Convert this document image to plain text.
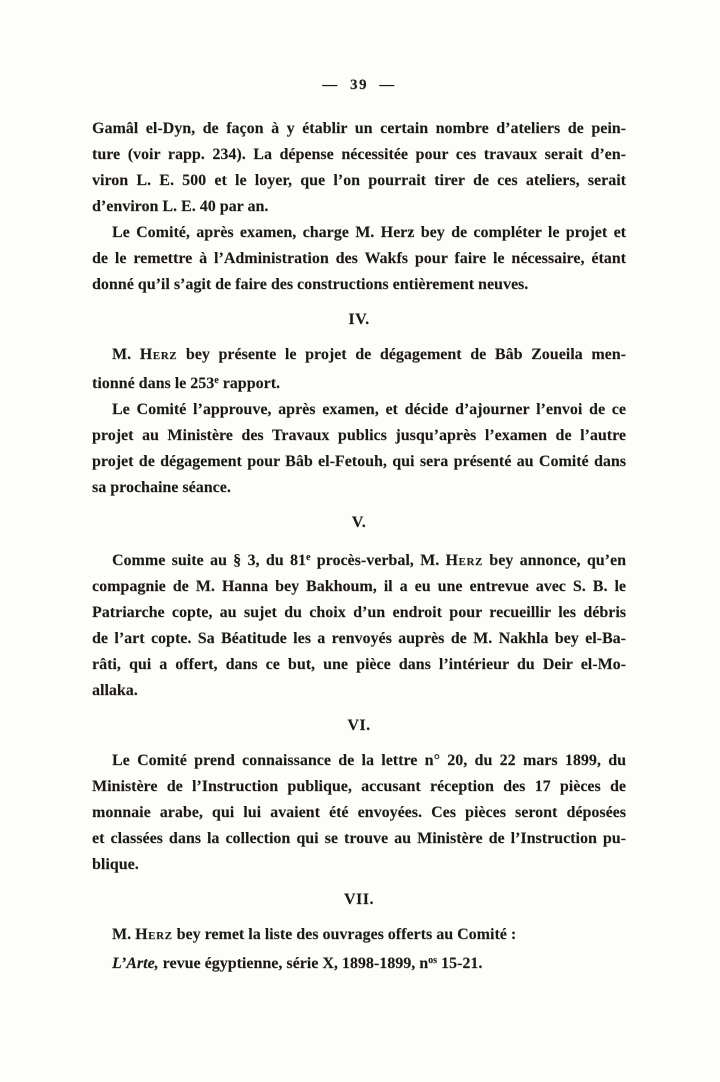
— 39 —
Gamâl el-Dyn, de façon à y établir un certain nombre d’ateliers de pein-
ture (voir rapp. 234). La dépense nécessitée pour ces travaux serait d’en-
viron L. E. 500 et le loyer, que l’on pourrait tirer de ces ateliers, serait
d’environ L. E. 40 par an.
Le Comité, après examen, charge M. Herz bey de compléter le projet et
de le remettre à l’Administration des Wakfs pour faire le nécessaire, étant
donné qu’il s’agit de faire des constructions entièrement neuves.
IV.
M. Herz bey présente le projet de dégagement de Bâb Zoueila men-
tionné dans le 253e rapport.
Le Comité l’approuve, après examen, et décide d’ajourner l’envoi de ce
projet au Ministère des Travaux publics jusqu’après l’examen de l’autre
projet de dégagement pour Bâb el-Fetouh, qui sera présenté au Comité dans
sa prochaine séance.
V.
Comme suite au § 3, du 81e procès-verbal, M. Herz bey annonce, qu’en
compagnie de M. Hanna bey Bakhoum, il a eu une entrevue avec S. B. le
Patriarche copte, au sujet du choix d’un endroit pour recueillir les débris
de l’art copte. Sa Béatitude les a renvoyés auprès de M. Nakhla bey el-Ba-
râti, qui a offert, dans ce but, une pièce dans l’intérieur du Deir el-Mo-
allaka.
VI.
Le Comité prend connaissance de la lettre n° 20, du 22 mars 1899, du
Ministère de l’Instruction publique, accusant réception des 17 pièces de
monnaie arabe, qui lui avaient été envoyées. Ces pièces seront déposées
et classées dans la collection qui se trouve au Ministère de l’Instruction pu-
blique.
VII.
M. Herz bey remet la liste des ouvrages offerts au Comité :
L’Arte, revue égyptienne, série X, 1898-1899, $n^{os}$ 15-21.
